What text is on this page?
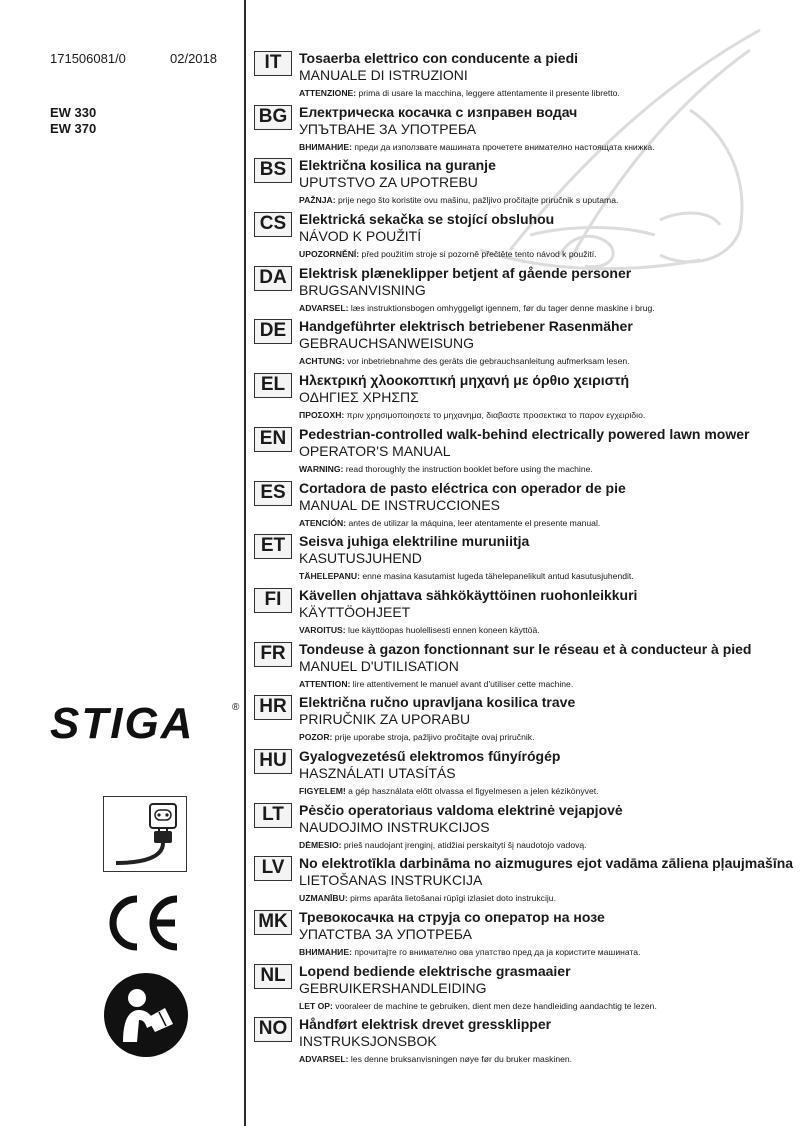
171506081/0	02/2018
EW 330
EW 370
STIGA	®
IT	Tosaerba elettrico con conducente a piedi
MANUALE DI ISTRUZIONI
ATTENZIONE: prima di usare la macchina, leggere attentamente il presente libretto.
BG Електрическа косачка с изправен водач
УПЪТВАНЕ ЗА УПОТРЕБА
ВНИМАНИЕ: преди да използвате машината прочетете внимателно настоящата книжка.
BS Električna kosilica na guranje
UPUTSTVO ZA UPOTREBU
PAŽNJA: prije nego što koristite ovu mašinu, pažljivo pročitajte priručnik s uputama.
CS Elektrická sekačka se stojící obsluhou
NÁVOD K POUŽITÍ
UPOZORNĚNÍ: před použitím stroje si pozorně přečtěte tento návod k použití.
DA Elektrisk plæneklipper betjent af gående personer
BRUGSANVISNING
ADVARSEL: læs instruktionsbogen omhyggeligt igennem, før du tager denne maskine i brug.
DE Handgeführter elektrisch betriebener Rasenmäher
GEBRAUCHSANWEISUNG
ACHTUNG: vor inbetriebnahme des geräts die gebrauchsanleitung aufmerksam lesen.
EL Ηλεκτρική χλοοκοπτική μηχανή με όρθιο χειριστή
ΟΔΗΓΙΕΣ ΧΡΗΣΠΣ
ΠΡΟΣΟΧΗ: πριν χρησιμοποιησετε το μηχανημα, διαβαστε προσεκτικα το παρον εγχειριδιο.
EN Pedestrian-controlled walk-behind electrically powered lawn mower
OPERATOR'S MANUAL
WARNING: read thoroughly the instruction booklet before using the machine.
ES Cortadora de pasto eléctrica con operador de pie
MANUAL DE INSTRUCCIONES
ATENCIÓN: antes de utilizar la máquina, leer atentamente el presente manual.
ET Seisva juhiga elektriline muruniitja
KASUTUSJUHEND
TÄHELEPANU: enne masina kasutamist lugeda tähelepanelikult antud kasutusjuhendit.
FI	Kävellen ohjattava sähkökäyttöinen ruohonleikkuri
KÄYTTÖOHJEET
VAROITUS: lue käyttöopas huolellisesti ennen koneen käyttöä.
FR Tondeuse à gazon fonctionnant sur le réseau et à conducteur à pied
MANUEL D'UTILISATION
ATTENTION: lire attentivement le manuel avant d'utiliser cette machine.
HR Električna ručno upravljana kosilica trave
PRIRUČNIK ZA UPORABU
POZOR: prije uporabe stroja, pažljivo pročitajte ovaj priručnik.
HU Gyalogvezetésű elektromos fűnyírógép
HASZNÁLATI UTASÍTÁS
FIGYELEM! a gép használata előtt olvassa el figyelmesen a jelen kézikönyvet.
LT	Pėsčio operatoriaus valdoma elektrinė vejapjovė
NAUDOJIMO INSTRUKCIJOS
DĖMESIO: prieš naudojant įrenginį, atidžiai perskaityti šį naudotojo vadovą.
LV	No elektrotīkla darbināma no aizmugures ejot vadāma zāliena pļaujmašīna
LIETOŠANAS INSTRUKCIJA
UZMANĪBU: pirms aparāta lietošanai rūpīgi izlasiet doto instrukciju.
MK Тревокосачка на струја со оператор на нозе
УПАТСТВА ЗА УПОТРЕБА
ВНИМАНИЕ: прочитајте го внимателно ова упатство пред да ја користите машината.
NL Lopend bediende elektrische grasmaaier
GEBRUIKERSHANDLEIDING
LET OP: vooraleer de machine te gebruiken, dient men deze handleiding aandachtig te lezen.
NO Håndført elektrisk drevet gressklipper
INSTRUKSJONSBOK
ADVARSEL: les denne bruksanvisningen nøye før du bruker maskinen.
